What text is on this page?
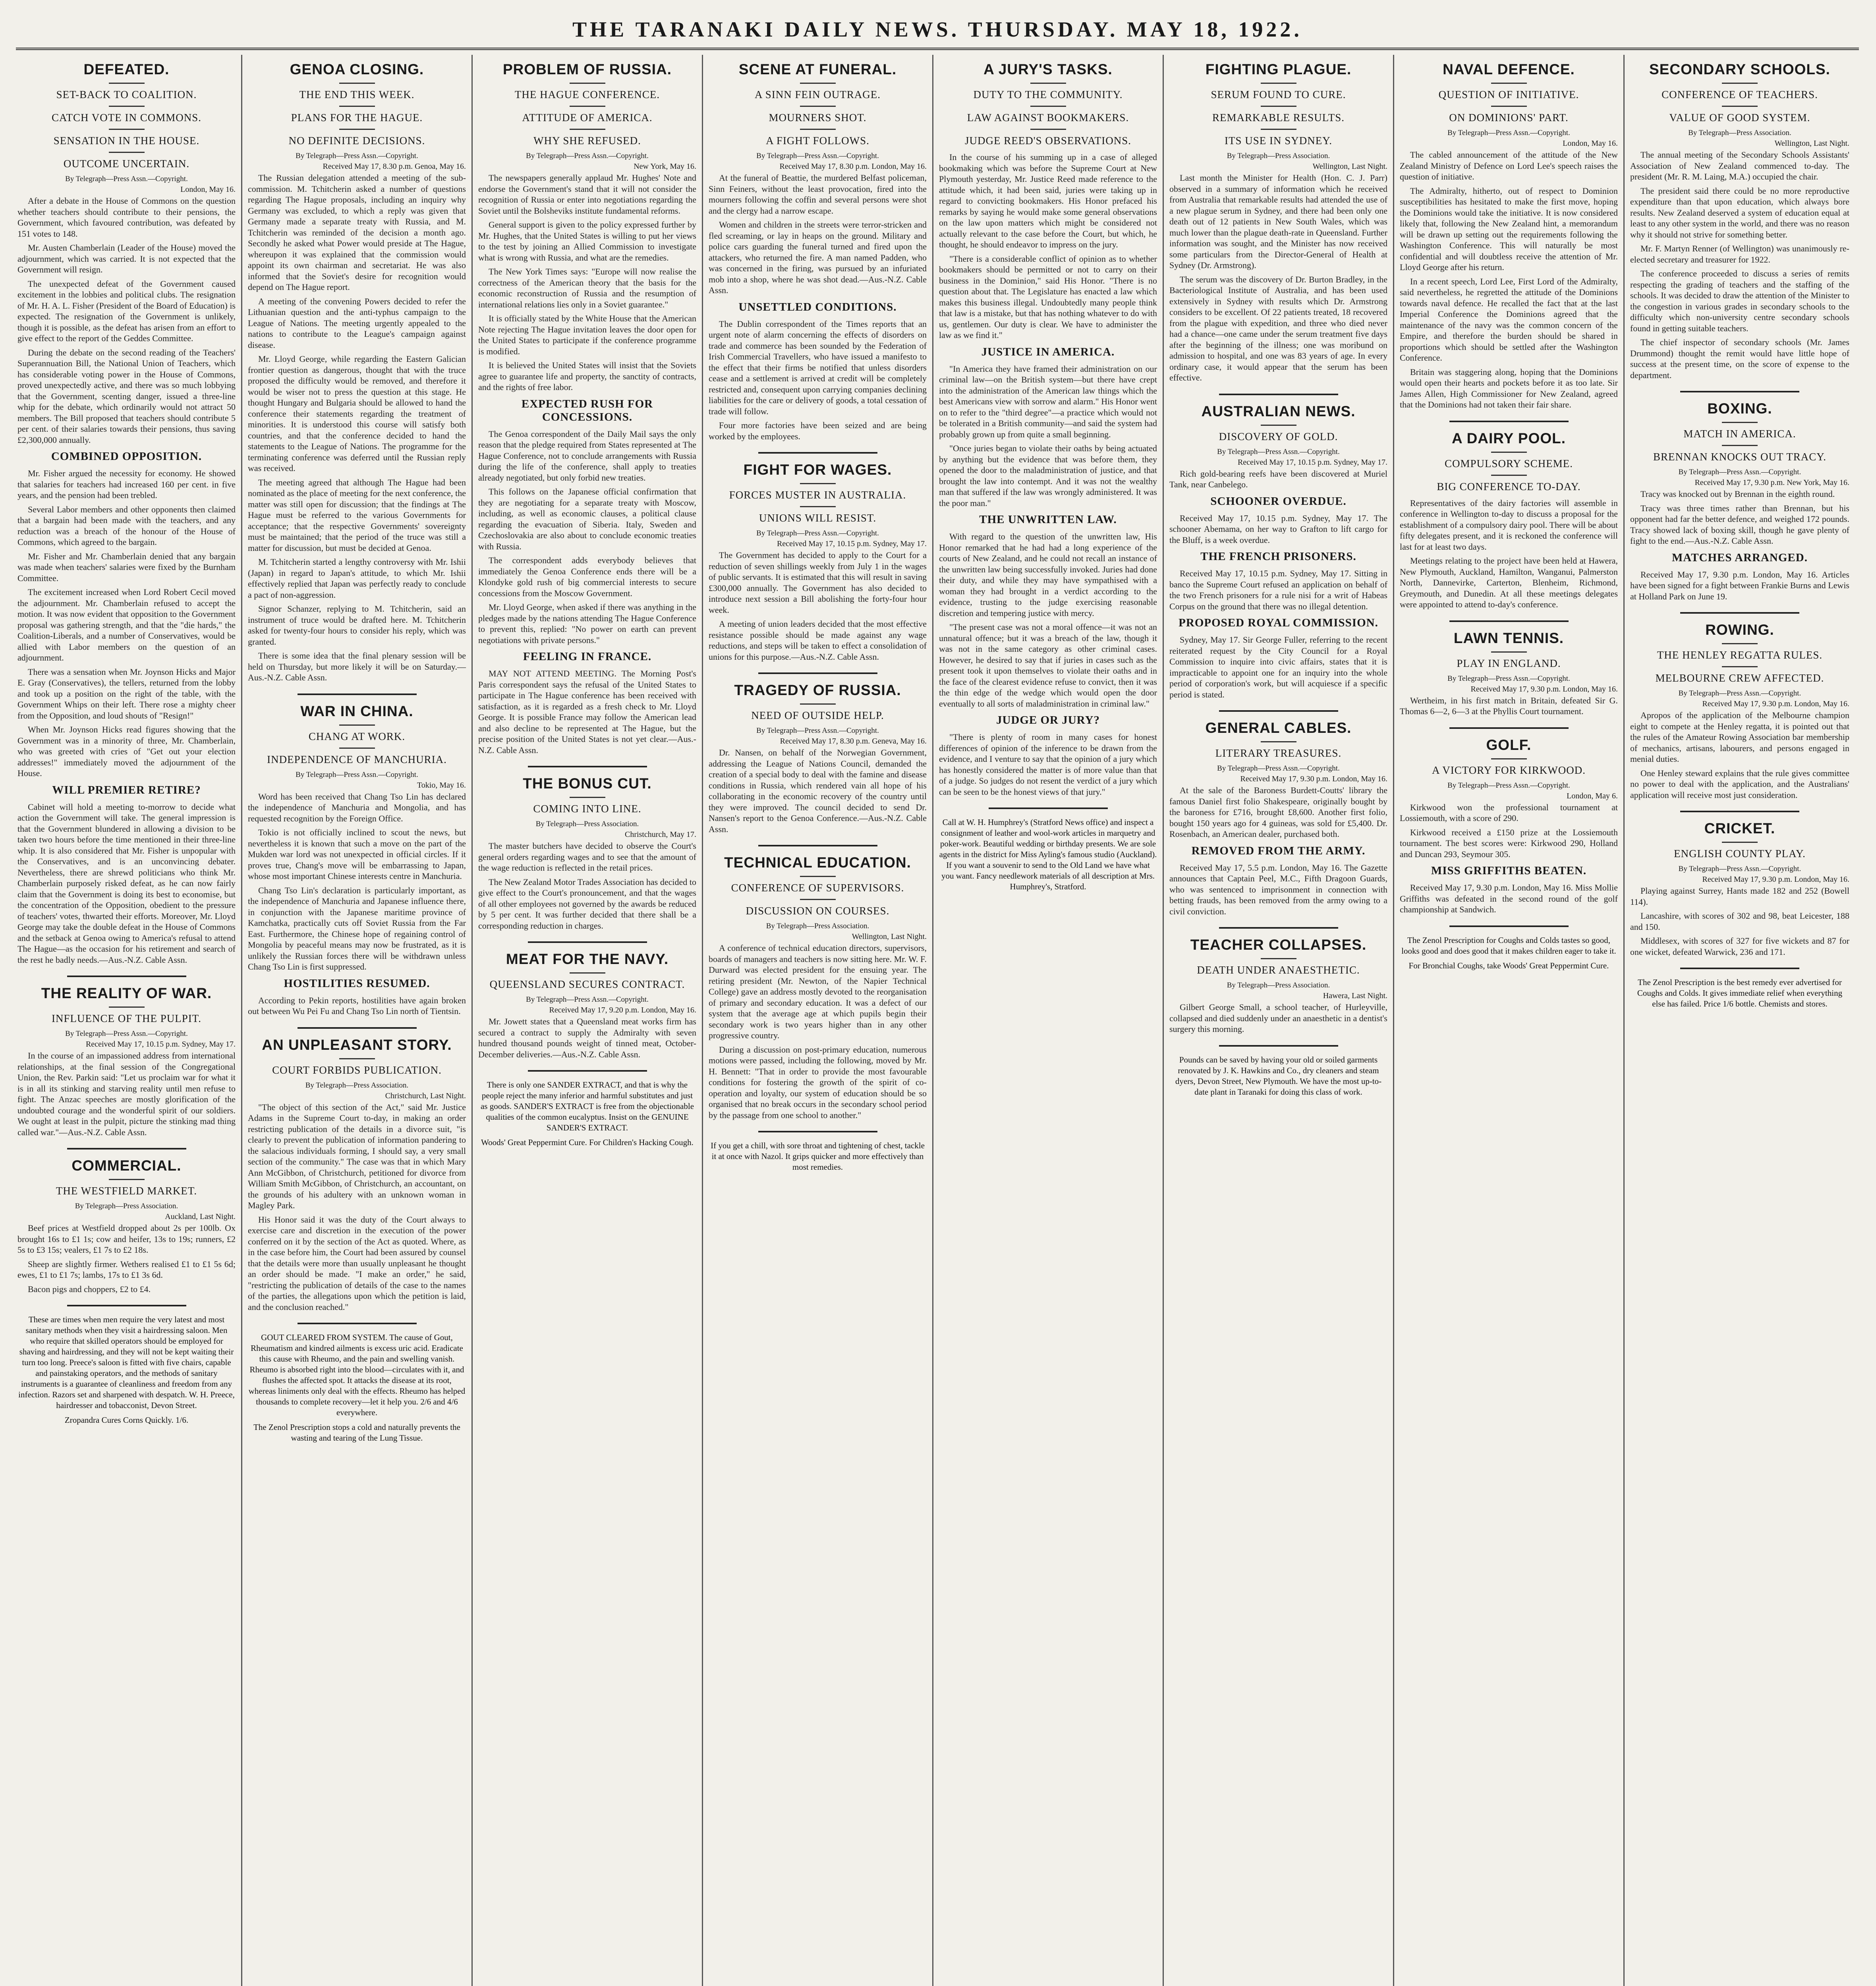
THE TARANAKI DAILY NEWS. THURSDAY. MAY 18, 1922.
DEFEATED.
SET-BACK TO COALITION.
CATCH VOTE IN COMMONS.
SENSATION IN THE HOUSE.
OUTCOME UNCERTAIN.
By Telegraph—Press Assn.—Copyright.
London, May 16.

After a debate in the House of Commons on the question whether teachers should contribute to their pensions, the Government, which favoured contribution, was defeated by 151 votes to 148.

Mr. Austen Chamberlain (Leader of the House) moved the adjournment, which was carried. It is not expected that the Government will resign.

The unexpected defeat of the Government caused excitement in the lobbies and political clubs. The resignation of Mr. H. A. L. Fisher (President of the Board of Education) is expected. The resignation of the Government is unlikely, though it is possible, as the defeat has arisen from an effort to give effect to the report of the Geddes Committee.

During the debate on the second reading of the Teachers' Superannuation Bill, the National Union of Teachers, which has considerable voting power in the House of Commons, proved unexpectedly active, and there was so much lobbying that the Government, scenting danger, issued a three-line whip for the debate, which ordinarily would not attract 50 members. The Bill proposed that teachers should contribute 5 per cent. of their salaries towards their pensions, thus saving £2,300,000 annually.

COMBINED OPPOSITION.

Mr. Fisher argued the necessity for economy. He showed that salaries for teachers had increased 160 per cent. in five years, and the pension had been trebled.

Several Labor members and other opponents then claimed that a bargain had been made with the teachers, and any reduction was a breach of the honour of the House of Commons, which agreed to the bargain.

Mr. Fisher and Mr. Chamberlain denied that any bargain was made when teachers' salaries were fixed by the Burnham Committee.

The excitement increased when Lord Robert Cecil moved the adjournment. Mr. Chamberlain refused to accept the motion. It was now evident that opposition to the Government proposal was gathering strength, and that the "die hards," the Coalition-Liberals, and a number of Conservatives, would be allied with Labor members on the question of an adjournment.

There was a sensation when Mr. Joynson Hicks and Major E. Gray (Conservatives), the tellers, returned from the lobby and took up a position on the right of the table, with the Government Whips on their left. There rose a mighty cheer from the Opposition, and loud shouts of "Resign!"

When Mr. Joynson Hicks read figures showing that the Government was in a minority of three, Mr. Chamberlain, who was greeted with cries of "Get out your election addresses!" immediately moved the adjournment of the House.

WILL PREMIER RETIRE?

Cabinet will hold a meeting to-morrow to decide what action the Government will take. The general impression is that the Government blundered in allowing a division to be taken two hours before the time mentioned in their three-line whip. It is also considered that Mr. Fisher is unpopular with the Conservatives, and is an unconvincing debater. Nevertheless, there are shrewd politicians who think Mr. Chamberlain purposely risked defeat, as he can now fairly claim that the Government is doing its best to economise, but the concentration of the Opposition, obedient to the pressure of teachers' votes, thwarted their efforts. Moreover, Mr. Lloyd George may take the double defeat in the House of Commons and the setback at Genoa owing to America's refusal to attend The Hague—as the occasion for his retirement and search of the rest he badly needs.—Aus.-N.Z. Cable Assn.

THE REALITY OF WAR.
INFLUENCE OF THE PULPIT.
By Telegraph—Press Assn.—Copyright.
Received May 17, 10.15 p.m. Sydney, May 17.

In the course of an impassioned address from international relationships, at the final session of the Congregational Union, the Rev. Parkin said: "Let us proclaim war for what it is in all its stinking and starving reality until men refuse to fight. The Anzac speeches are mostly glorification of the undoubted courage and the wonderful spirit of our soldiers. We ought at least in the pulpit, picture the stinking mad thing called war."—Aus.-N.Z. Cable Assn.

COMMERCIAL.
THE WESTFIELD MARKET.
By Telegraph—Press Association.
Auckland, Last Night.

Beef prices at Westfield dropped about 2s per 100lb. Ox brought 16s to £1 1s; cow and heifer, 13s to 19s; runners, £2 5s to £3 15s; vealers, £1 7s to £2 18s.

Sheep are slightly firmer. Wethers realised £1 to £1 5s 6d; ewes, £1 to £1 7s; lambs, 17s to £1 3s 6d.

Bacon pigs and choppers, £2 to £4.

These are times when men require the very latest and most sanitary methods when they visit a hairdressing saloon. Men who require that skilled operators should be employed for shaving and hairdressing, and they will not be kept waiting their turn too long. Preece's saloon is fitted with five chairs, capable and painstaking operators, and the methods of sanitary instruments is a guarantee of cleanliness and freedom from any infection. Razors set and sharpened with despatch. W. H. Preece, hairdresser and tobacconist, Devon Street.
Zropandra Cures Corns Quickly. 1/6.
GENOA CLOSING.
THE END THIS WEEK.
PLANS FOR THE HAGUE.
NO DEFINITE DECISIONS.
By Telegraph—Press Assn.—Copyright.
Received May 17, 8.30 p.m. Genoa, May 16.

The Russian delegation attended a meeting of the sub-commission. M. Tchitcherin asked a number of questions regarding The Hague proposals, including an inquiry why Germany was excluded, to which a reply was given that Germany made a separate treaty with Russia, and M. Tchitcherin was reminded of the decision a month ago. Secondly he asked what Power would preside at The Hague, whereupon it was explained that the commission would appoint its own chairman and secretariat. He was also informed that the Soviet's desire for recognition would depend on The Hague report.

A meeting of the convening Powers decided to refer the Lithuanian question and the anti-typhus campaign to the League of Nations. The meeting urgently appealed to the nations to contribute to the League's campaign against disease.

Mr. Lloyd George, while regarding the Eastern Galician frontier question as dangerous, thought that with the truce proposed the difficulty would be removed, and therefore it would be wiser not to press the question at this stage. He thought Hungary and Bulgaria should be allowed to hand the conference their statements regarding the treatment of minorities. It is understood this course will satisfy both countries, and that the conference decided to hand the statements to the League of Nations. The programme for the terminating conference was deferred until the Russian reply was received.

The meeting agreed that although The Hague had been nominated as the place of meeting for the next conference, the matter was still open for discussion; that the findings at The Hague must be referred to the various Governments for acceptance; that the respective Governments' sovereignty must be maintained; that the period of the truce was still a matter for discussion, but must be decided at Genoa.

M. Tchitcherin started a lengthy controversy with Mr. Ishii (Japan) in regard to Japan's attitude, to which Mr. Ishii effectively replied that Japan was perfectly ready to conclude a pact of non-aggression.

Signor Schanzer, replying to M. Tchitcherin, said an instrument of truce would be drafted here. M. Tchitcherin asked for twenty-four hours to consider his reply, which was granted.

There is some idea that the final plenary session will be held on Thursday, but more likely it will be on Saturday.—Aus.-N.Z. Cable Assn.

WAR IN CHINA.
CHANG AT WORK.
INDEPENDENCE OF MANCHURIA.
By Telegraph—Press Assn.—Copyright.
Tokio, May 16.

Word has been received that Chang Tso Lin has declared the independence of Manchuria and Mongolia, and has requested recognition by the Foreign Office.

Tokio is not officially inclined to scout the news, but nevertheless it is known that such a move on the part of the Mukden war lord was not unexpected in official circles. If it proves true, Chang's move will be embarrassing to Japan, whose most important Chinese interests centre in Manchuria.

Chang Tso Lin's declaration is particularly important, as the independence of Manchuria and Japanese influence there, in conjunction with the Japanese maritime province of Kamchatka, practically cuts off Soviet Russia from the Far East. Furthermore, the Chinese hope of regaining control of Mongolia by peaceful means may now be frustrated, as it is unlikely the Russian forces there will be withdrawn unless Chang Tso Lin is first suppressed.

HOSTILITIES RESUMED.

According to Pekin reports, hostilities have again broken out between Wu Pei Fu and Chang Tso Lin north of Tientsin.

AN UNPLEASANT STORY.
COURT FORBIDS PUBLICATION.
By Telegraph—Press Association.
Christchurch, Last Night.

"The object of this section of the Act," said Mr. Justice Adams in the Supreme Court to-day, in making an order restricting publication of the details in a divorce suit, "is clearly to prevent the publication of information pandering to the salacious individuals forming, I should say, a very small section of the community." The case was that in which Mary Ann McGibbon, of Christchurch, petitioned for divorce from William Smith McGibbon, of Christchurch, an accountant, on the grounds of his adultery with an unknown woman in Magley Park.

His Honor said it was the duty of the Court always to exercise care and discretion in the execution of the power conferred on it by the section of the Act as quoted. Where, as in the case before him, the Court had been assured by counsel that the details were more than usually unpleasant he thought an order should be made. "I make an order," he said, "restricting the publication of details of the case to the names of the parties, the allegations upon which the petition is laid, and the conclusion reached."

GOUT CLEARED FROM SYSTEM. The cause of Gout, Rheumatism and kindred ailments is excess uric acid. Eradicate this cause with Rheumo, and the pain and swelling vanish. Rheumo is absorbed right into the blood—circulates with it, and flushes the affected spot. It attacks the disease at its root, whereas liniments only deal with the effects. Rheumo has helped thousands to complete recovery—let it help you. 2/6 and 4/6 everywhere.
The Zenol Prescription stops a cold and naturally prevents the wasting and tearing of the Lung Tissue.
PROBLEM OF RUSSIA.
THE HAGUE CONFERENCE.
ATTITUDE OF AMERICA.
WHY SHE REFUSED.
By Telegraph—Press Assn.—Copyright.
New York, May 16.

The newspapers generally applaud Mr. Hughes' Note and endorse the Government's stand that it will not consider the recognition of Russia or enter into negotiations regarding the Soviet until the Bolsheviks institute fundamental reforms.

General support is given to the policy expressed further by Mr. Hughes, that the United States is willing to put her views to the test by joining an Allied Commission to investigate what is wrong with Russia, and what are the remedies.

The New York Times says: "Europe will now realise the correctness of the American theory that the basis for the economic reconstruction of Russia and the resumption of international relations lies only in a Soviet guarantee."

It is officially stated by the White House that the American Note rejecting The Hague invitation leaves the door open for the United States to participate if the conference programme is modified.

It is believed the United States will insist that the Soviets agree to guarantee life and property, the sanctity of contracts, and the rights of free labor.

EXPECTED RUSH FOR CONCESSIONS.

The Genoa correspondent of the Daily Mail says the only reason that the pledge required from States represented at The Hague Conference, not to conclude arrangements with Russia during the life of the conference, shall apply to treaties already negotiated, but only forbid new treaties.

This follows on the Japanese official confirmation that they are negotiating for a separate treaty with Moscow, including, as well as economic clauses, a political clause regarding the evacuation of Siberia. Italy, Sweden and Czechoslovakia are also about to conclude economic treaties with Russia.

The correspondent adds everybody believes that immediately the Genoa Conference ends there will be a Klondyke gold rush of big commercial interests to secure concessions from the Moscow Government.

Mr. Lloyd George, when asked if there was anything in the pledges made by the nations attending The Hague Conference to prevent this, replied: "No power on earth can prevent negotiations with private persons."

FEELING IN FRANCE.

MAY NOT ATTEND MEETING. The Morning Post's Paris correspondent says the refusal of the United States to participate in The Hague conference has been received with satisfaction, as it is regarded as a fresh check to Mr. Lloyd George. It is possible France may follow the American lead and also decline to be represented at The Hague, but the precise position of the United States is not yet clear.—Aus.-N.Z. Cable Assn.

THE BONUS CUT.
COMING INTO LINE.
By Telegraph—Press Association.
Christchurch, May 17.

The master butchers have decided to observe the Court's general orders regarding wages and to see that the amount of the wage reduction is reflected in the retail prices.

The New Zealand Motor Trades Association has decided to give effect to the Court's pronouncement, and that the wages of all other employees not governed by the awards be reduced by 5 per cent. It was further decided that there shall be a corresponding reduction in charges.

MEAT FOR THE NAVY.
QUEENSLAND SECURES CONTRACT.
By Telegraph—Press Assn.—Copyright.
Received May 17, 9.20 p.m. London, May 16.

Mr. Jowett states that a Queensland meat works firm has secured a contract to supply the Admiralty with seven hundred thousand pounds weight of tinned meat, October-December deliveries.—Aus.-N.Z. Cable Assn.

There is only one SANDER EXTRACT, and that is why the people reject the many inferior and harmful substitutes and just as goods. SANDER'S EXTRACT is free from the objectionable qualities of the common eucalyptus. Insist on the GENUINE SANDER'S EXTRACT.
Woods' Great Peppermint Cure. For Children's Hacking Cough.
SCENE AT FUNERAL.
A SINN FEIN OUTRAGE.
MOURNERS SHOT.
A FIGHT FOLLOWS.
By Telegraph—Press Assn.—Copyright.
Received May 17, 8.30 p.m. London, May 16.

At the funeral of Beattie, the murdered Belfast policeman, Sinn Feiners, without the least provocation, fired into the mourners following the coffin and several persons were shot and the clergy had a narrow escape.

Women and children in the streets were terror-stricken and fled screaming, or lay in heaps on the ground. Military and police cars guarding the funeral turned and fired upon the attackers, who returned the fire. A man named Padden, who was concerned in the firing, was pursued by an infuriated mob into a shop, where he was shot dead.—Aus.-N.Z. Cable Assn.

UNSETTLED CONDITIONS.

The Dublin correspondent of the Times reports that an urgent note of alarm concerning the effects of disorders on trade and commerce has been sounded by the Federation of Irish Commercial Travellers, who have issued a manifesto to the effect that their firms be notified that unless disorders cease and a settlement is arrived at credit will be completely restricted and, consequent upon carrying companies declining liabilities for the care or delivery of goods, a total cessation of trade will follow.

Four more factories have been seized and are being worked by the employees.

FIGHT FOR WAGES.
FORCES MUSTER IN AUSTRALIA.
UNIONS WILL RESIST.
By Telegraph—Press Assn.—Copyright.
Received May 17, 10.15 p.m. Sydney, May 17.

The Government has decided to apply to the Court for a reduction of seven shillings weekly from July 1 in the wages of public servants. It is estimated that this will result in saving £300,000 annually. The Government has also decided to introduce next session a Bill abolishing the forty-four hour week.

A meeting of union leaders decided that the most effective resistance possible should be made against any wage reductions, and steps will be taken to effect a consolidation of unions for this purpose.—Aus.-N.Z. Cable Assn.

TRAGEDY OF RUSSIA.
NEED OF OUTSIDE HELP.
By Telegraph—Press Assn.—Copyright.
Received May 17, 8.30 p.m. Geneva, May 16.

Dr. Nansen, on behalf of the Norwegian Government, addressing the League of Nations Council, demanded the creation of a special body to deal with the famine and disease conditions in Russia, which rendered vain all hope of his collaborating in the economic recovery of the country until they were improved. The council decided to send Dr. Nansen's report to the Genoa Conference.—Aus.-N.Z. Cable Assn.

TECHNICAL EDUCATION.
CONFERENCE OF SUPERVISORS.
DISCUSSION ON COURSES.
By Telegraph—Press Association.
Wellington, Last Night.

A conference of technical education directors, supervisors, boards of managers and teachers is now sitting here. Mr. W. F. Durward was elected president for the ensuing year. The retiring president (Mr. Newton, of the Napier Technical College) gave an address mostly devoted to the reorganisation of primary and secondary education. It was a defect of our system that the average age at which pupils begin their secondary work is two years higher than in any other progressive country.

During a discussion on post-primary education, numerous motions were passed, including the following, moved by Mr. H. Bennett: "That in order to provide the most favourable conditions for fostering the growth of the spirit of co-operation and loyalty, our system of education should be so organised that no break occurs in the secondary school period by the passage from one school to another."

If you get a chill, with sore throat and tightening of chest, tackle it at once with Nazol. It grips quicker and more effectively than most remedies.
A JURY'S TASKS.
DUTY TO THE COMMUNITY.
LAW AGAINST BOOKMAKERS.
JUDGE REED'S OBSERVATIONS.

In the course of his summing up in a case of alleged bookmaking which was before the Supreme Court at New Plymouth yesterday, Mr. Justice Reed made reference to the attitude which, it had been said, juries were taking up in regard to convicting bookmakers. His Honor prefaced his remarks by saying he would make some general observations on the law upon matters which might be considered not actually relevant to the case before the Court, but which, he thought, he should endeavor to impress on the jury.

"There is a considerable conflict of opinion as to whether bookmakers should be permitted or not to carry on their business in the Dominion," said His Honor. "There is no question about that. The Legislature has enacted a law which makes this business illegal. Undoubtedly many people think that law is a mistake, but that has nothing whatever to do with us, gentlemen. Our duty is clear. We have to administer the law as we find it."

JUSTICE IN AMERICA.

"In America they have framed their administration on our criminal law—on the British system—but there have crept into the administration of the American law things which the best Americans view with sorrow and alarm." His Honor went on to refer to the "third degree"—a practice which would not be tolerated in a British community—and said the system had probably grown up from quite a small beginning.

"Once juries began to violate their oaths by being actuated by anything but the evidence that was before them, they opened the door to the maladministration of justice, and that brought the law into contempt. And it was not the wealthy man that suffered if the law was wrongly administered. It was the poor man."

THE UNWRITTEN LAW.

With regard to the question of the unwritten law, His Honor remarked that he had had a long experience of the courts of New Zealand, and he could not recall an instance of the unwritten law being successfully invoked. Juries had done their duty, and while they may have sympathised with a woman they had brought in a verdict according to the evidence, trusting to the judge exercising reasonable discretion and tempering justice with mercy.

"The present case was not a moral offence—it was not an unnatural offence; but it was a breach of the law, though it was not in the same category as other criminal cases. However, he desired to say that if juries in cases such as the present took it upon themselves to violate their oaths and in the face of the clearest evidence refuse to convict, then it was the thin edge of the wedge which would open the door eventually to all sorts of maladministration in criminal law."

JUDGE OR JURY?

"There is plenty of room in many cases for honest differences of opinion of the inference to be drawn from the evidence, and I venture to say that the opinion of a jury which has honestly considered the matter is of more value than that of a judge. So judges do not resent the verdict of a jury which can be seen to be the honest views of that jury."

Call at W. H. Humphrey's (Stratford News office) and inspect a consignment of leather and wool-work articles in marquetry and poker-work. Beautiful wedding or birthday presents. We are sole agents in the district for Miss Ayling's famous studio (Auckland). If you want a souvenir to send to the Old Land we have what you want. Fancy needlework materials of all description at Mrs. Humphrey's, Stratford.
FIGHTING PLAGUE.
SERUM FOUND TO CURE.
REMARKABLE RESULTS.
ITS USE IN SYDNEY.
By Telegraph—Press Association.
Wellington, Last Night.

Last month the Minister for Health (Hon. C. J. Parr) observed in a summary of information which he received from Australia that remarkable results had attended the use of a new plague serum in Sydney, and there had been only one death out of 12 patients in New South Wales, which was much lower than the plague death-rate in Queensland. Further information was sought, and the Minister has now received some particulars from the Director-General of Health at Sydney (Dr. Armstrong).

The serum was the discovery of Dr. Burton Bradley, in the Bacteriological Institute of Australia, and has been used extensively in Sydney with results which Dr. Armstrong considers to be excellent. Of 22 patients treated, 18 recovered from the plague with expedition, and three who died never had a chance—one came under the serum treatment five days after the beginning of the illness; one was moribund on admission to hospital, and one was 83 years of age. In every ordinary case, it would appear that the serum has been effective.

AUSTRALIAN NEWS.
DISCOVERY OF GOLD.
By Telegraph—Press Assn.—Copyright.
Received May 17, 10.15 p.m. Sydney, May 17.

Rich gold-bearing reefs have been discovered at Muriel Tank, near Canbelego.

SCHOONER OVERDUE.

Received May 17, 10.15 p.m. Sydney, May 17. The schooner Abemama, on her way to Grafton to lift cargo for the Bluff, is a week overdue.

THE FRENCH PRISONERS.

Received May 17, 10.15 p.m. Sydney, May 17. Sitting in banco the Supreme Court refused an application on behalf of the two French prisoners for a rule nisi for a writ of Habeas Corpus on the ground that there was no illegal detention.

PROPOSED ROYAL COMMISSION.

Sydney, May 17. Sir George Fuller, referring to the recent reiterated request by the City Council for a Royal Commission to inquire into civic affairs, states that it is impracticable to appoint one for an inquiry into the whole period of corporation's work, but will acquiesce if a specific period is stated.

GENERAL CABLES.
LITERARY TREASURES.
By Telegraph—Press Assn.—Copyright.
Received May 17, 9.30 p.m. London, May 16.

At the sale of the Baroness Burdett-Coutts' library the famous Daniel first folio Shakespeare, originally bought by the baroness for £716, brought £8,600. Another first folio, bought 150 years ago for 4 guineas, was sold for £5,400. Dr. Rosenbach, an American dealer, purchased both.

REMOVED FROM THE ARMY.

Received May 17, 5.5 p.m. London, May 16. The Gazette announces that Captain Peel, M.C., Fifth Dragoon Guards, who was sentenced to imprisonment in connection with betting frauds, has been removed from the army owing to a civil conviction.

TEACHER COLLAPSES.
DEATH UNDER ANAESTHETIC.
By Telegraph—Press Association.
Hawera, Last Night.

Gilbert George Small, a school teacher, of Hurleyville, collapsed and died suddenly under an anaesthetic in a dentist's surgery this morning.

Pounds can be saved by having your old or soiled garments renovated by J. K. Hawkins and Co., dry cleaners and steam dyers, Devon Street, New Plymouth. We have the most up-to-date plant in Taranaki for doing this class of work.
NAVAL DEFENCE.
QUESTION OF INITIATIVE.
ON DOMINIONS' PART.
By Telegraph—Press Assn.—Copyright.
London, May 16.

The cabled announcement of the attitude of the New Zealand Ministry of Defence on Lord Lee's speech raises the question of initiative.

The Admiralty, hitherto, out of respect to Dominion susceptibilities has hesitated to make the first move, hoping the Dominions would take the initiative. It is now considered likely that, following the New Zealand hint, a memorandum will be drawn up setting out the requirements following the Washington Conference. This will naturally be most confidential and will doubtless receive the attention of Mr. Lloyd George after his return.

In a recent speech, Lord Lee, First Lord of the Admiralty, said nevertheless, he regretted the attitude of the Dominions towards naval defence. He recalled the fact that at the last Imperial Conference the Dominions agreed that the maintenance of the navy was the common concern of the Empire, and therefore the burden should be shared in proportions which should be settled after the Washington Conference.

Britain was staggering along, hoping that the Dominions would open their hearts and pockets before it as too late. Sir James Allen, High Commissioner for New Zealand, agreed that the Dominions had not taken their fair share.

A DAIRY POOL.
COMPULSORY SCHEME.
BIG CONFERENCE TO-DAY.

Representatives of the dairy factories will assemble in conference in Wellington to-day to discuss a proposal for the establishment of a compulsory dairy pool. There will be about fifty delegates present, and it is reckoned the conference will last for at least two days.

Meetings relating to the project have been held at Hawera, New Plymouth, Auckland, Hamilton, Wanganui, Palmerston North, Dannevirke, Carterton, Blenheim, Richmond, Greymouth, and Dunedin. At all these meetings delegates were appointed to attend to-day's conference.

LAWN TENNIS.
PLAY IN ENGLAND.
By Telegraph—Press Assn.—Copyright.
Received May 17, 9.30 p.m. London, May 16.

Wertheim, in his first match in Britain, defeated Sir G. Thomas 6—2, 6—3 at the Phyllis Court tournament.

GOLF.
A VICTORY FOR KIRKWOOD.
By Telegraph—Press Assn.—Copyright.
London, May 6.

Kirkwood won the professional tournament at Lossiemouth, with a score of 290.

Kirkwood received a £150 prize at the Lossiemouth tournament. The best scores were: Kirkwood 290, Holland and Duncan 293, Seymour 305.

MISS GRIFFITHS BEATEN.

Received May 17, 9.30 p.m. London, May 16. Miss Mollie Griffiths was defeated in the second round of the golf championship at Sandwich.

The Zenol Prescription for Coughs and Colds tastes so good, looks good and does good that it makes children eager to take it.
For Bronchial Coughs, take Woods' Great Peppermint Cure.
SECONDARY SCHOOLS.
CONFERENCE OF TEACHERS.
VALUE OF GOOD SYSTEM.
By Telegraph—Press Association.
Wellington, Last Night.

The annual meeting of the Secondary Schools Assistants' Association of New Zealand commenced to-day. The president (Mr. R. M. Laing, M.A.) occupied the chair.

The president said there could be no more reproductive expenditure than that upon education, which always bore results. New Zealand deserved a system of education equal at least to any other system in the world, and there was no reason why it should not strive for something better.

Mr. F. Martyn Renner (of Wellington) was unanimously re-elected secretary and treasurer for 1922.

The conference proceeded to discuss a series of remits respecting the grading of teachers and the staffing of the schools. It was decided to draw the attention of the Minister to the congestion in various grades in secondary schools to the difficulty which non-university centre secondary schools found in getting suitable teachers.

The chief inspector of secondary schools (Mr. James Drummond) thought the remit would have little hope of success at the present time, on the score of expense to the department.

BOXING.
MATCH IN AMERICA.
BRENNAN KNOCKS OUT TRACY.
By Telegraph—Press Assn.—Copyright.
Received May 17, 9.30 p.m. New York, May 16.

Tracy was knocked out by Brennan in the eighth round.

Tracy was three times rather than Brennan, but his opponent had far the better defence, and weighed 172 pounds. Tracy showed lack of boxing skill, though he gave plenty of fight to the end.—Aus.-N.Z. Cable Assn.

MATCHES ARRANGED.

Received May 17, 9.30 p.m. London, May 16. Articles have been signed for a fight between Frankie Burns and Lewis at Holland Park on June 19.

ROWING.
THE HENLEY REGATTA RULES.
MELBOURNE CREW AFFECTED.
By Telegraph—Press Assn.—Copyright.
Received May 17, 9.30 p.m. London, May 16.

Apropos of the application of the Melbourne champion eight to compete at the Henley regatta, it is pointed out that the rules of the Amateur Rowing Association bar membership of mechanics, artisans, labourers, and persons engaged in menial duties.

One Henley steward explains that the rule gives committee no power to deal with the application, and the Australians' application will receive most just consideration.

CRICKET.
ENGLISH COUNTY PLAY.
By Telegraph—Press Assn.—Copyright.
Received May 17, 9.30 p.m. London, May 16.

Playing against Surrey, Hants made 182 and 252 (Bowell 114).

Lancashire, with scores of 302 and 98, beat Leicester, 188 and 150.

Middlesex, with scores of 327 for five wickets and 87 for one wicket, defeated Warwick, 236 and 171.

The Zenol Prescription is the best remedy ever advertised for Coughs and Colds. It gives immediate relief when everything else has failed. Price 1/6 bottle. Chemists and stores.
